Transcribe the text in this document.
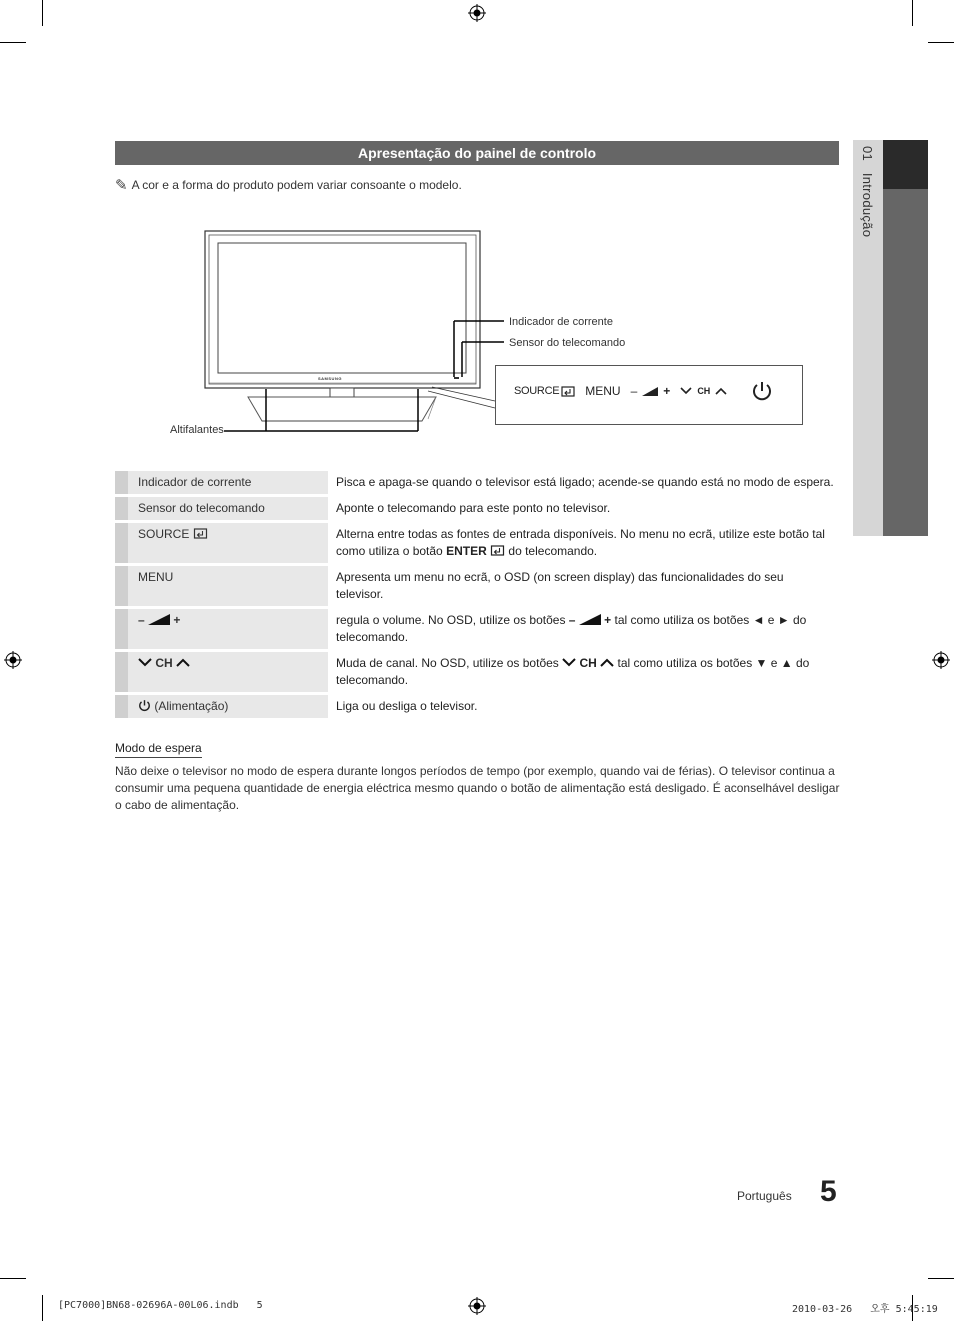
01   Introdução
Apresentação do painel de controlo
✎ A cor e a forma do produto podem variar consoante o modelo.
SAMSUNG
Indicador de corrente
Sensor do telecomando
Altifalantes
SOURCE MENU – +	CH
	Indicador de corrente	Pisca e apaga-se quando o televisor está ligado; acende-se quando está no modo de espera.
	Sensor do telecomando	Aponte o telecomando para este ponto no televisor.
	SOURCE	Alterna entre todas as fontes de entrada disponíveis. No menu no ecrã, utilize este botão tal como utiliza o botão ENTER  do telecomando.
	MENU	Apresenta um menu no ecrã, o OSD (on screen display) das funcionalidades do seu televisor.
	– +	regula o volume. No OSD, utilize os botões – + tal como utiliza os botões ◄ e ► do telecomando.
	CH	Muda de canal. No OSD, utilize os botões  CH  tal como utiliza os botões ▼ e ▲ do telecomando.
	(Alimentação)	Liga ou desliga o televisor.
Modo de espera
Não deixe o televisor no modo de espera durante longos períodos de tempo (por exemplo, quando vai de férias). O televisor continua a consumir uma pequena quantidade de energia eléctrica mesmo quando o botão de alimentação está desligado. É aconselhável desligar o cabo de alimentação.
Português 5
[PC7000]BN68-02696A-00L06.indb   5	2010-03-26   오후 5:45:19
